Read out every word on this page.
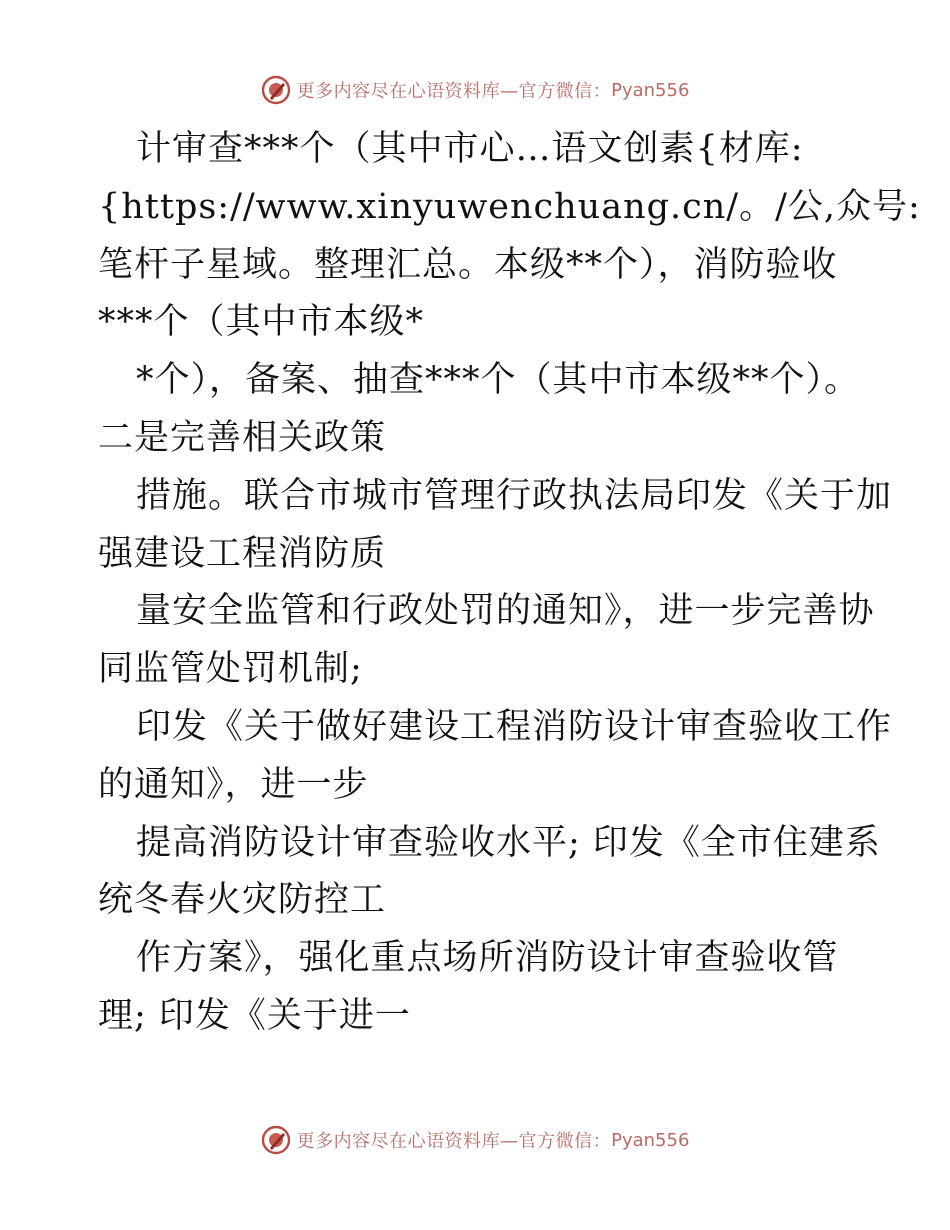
更多内容尽在心语资料库—官方微信： Pyan556
计审查***个（其中市心…语文创素{材库:
{https://www.xinyuwenchuang.cn/。/公,众号:
笔杆子星域。整理汇总。本级**个），消防验收
***个（其中市本级*
*个），备案、抽查***个（其中市本级**个）。
二是完善相关政策
措施。联合市城市管理行政执法局印发《关于加
强建设工程消防质
量安全监管和行政处罚的通知》，进一步完善协
同监管处罚机制;
印发《关于做好建设工程消防设计审查验收工作
的通知》，进一步
提高消防设计审查验收水平; 印发《全市住建系
统冬春火灾防控工
作方案》，强化重点场所消防设计审查验收管
理; 印发《关于进一
更多内容尽在心语资料库—官方微信： Pyan556
